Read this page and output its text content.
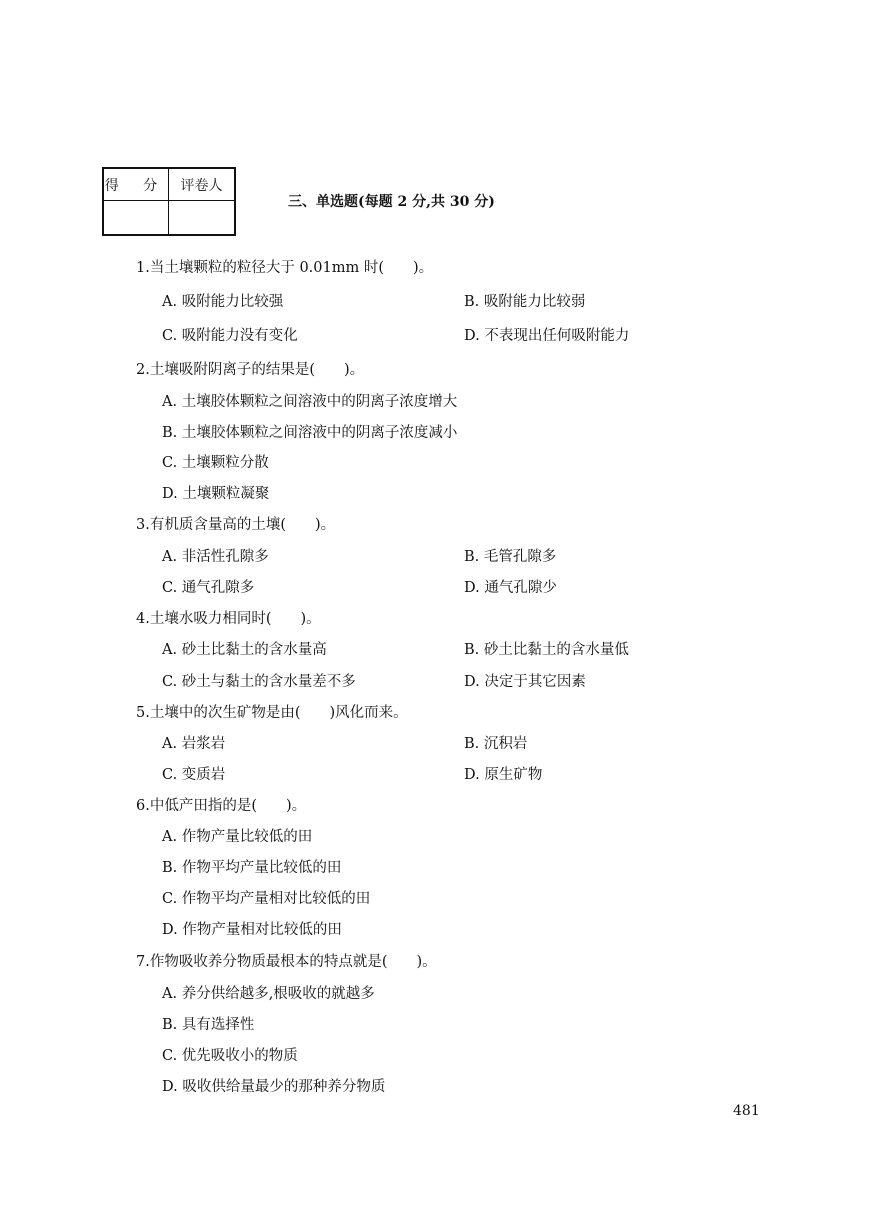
得 分	评卷人

三、单选题(每题 2 分,共 30 分)
1.当土壤颗粒的粒径大于 0.01mm 时(　　)。
A. 吸附能力比较强	B. 吸附能力比较弱
C. 吸附能力没有变化	D. 不表现出任何吸附能力
2.土壤吸附阴离子的结果是(　　)。
A. 土壤胶体颗粒之间溶液中的阴离子浓度增大
B. 土壤胶体颗粒之间溶液中的阴离子浓度减小
C. 土壤颗粒分散
D. 土壤颗粒凝聚
3.有机质含量高的土壤(　　)。
A. 非活性孔隙多	B. 毛管孔隙多
C. 通气孔隙多	D. 通气孔隙少
4.土壤水吸力相同时(　　)。
A. 砂土比黏土的含水量高	B. 砂土比黏土的含水量低
C. 砂土与黏土的含水量差不多	D. 决定于其它因素
5.土壤中的次生矿物是由(　　)风化而来。
A. 岩浆岩	B. 沉积岩
C. 变质岩	D. 原生矿物
6.中低产田指的是(　　)。
A. 作物产量比较低的田
B. 作物平均产量比较低的田
C. 作物平均产量相对比较低的田
D. 作物产量相对比较低的田
7.作物吸收养分物质最根本的特点就是(　　)。
A. 养分供给越多,根吸收的就越多
B. 具有选择性
C. 优先吸收小的物质
D. 吸收供给量最少的那种养分物质
481
